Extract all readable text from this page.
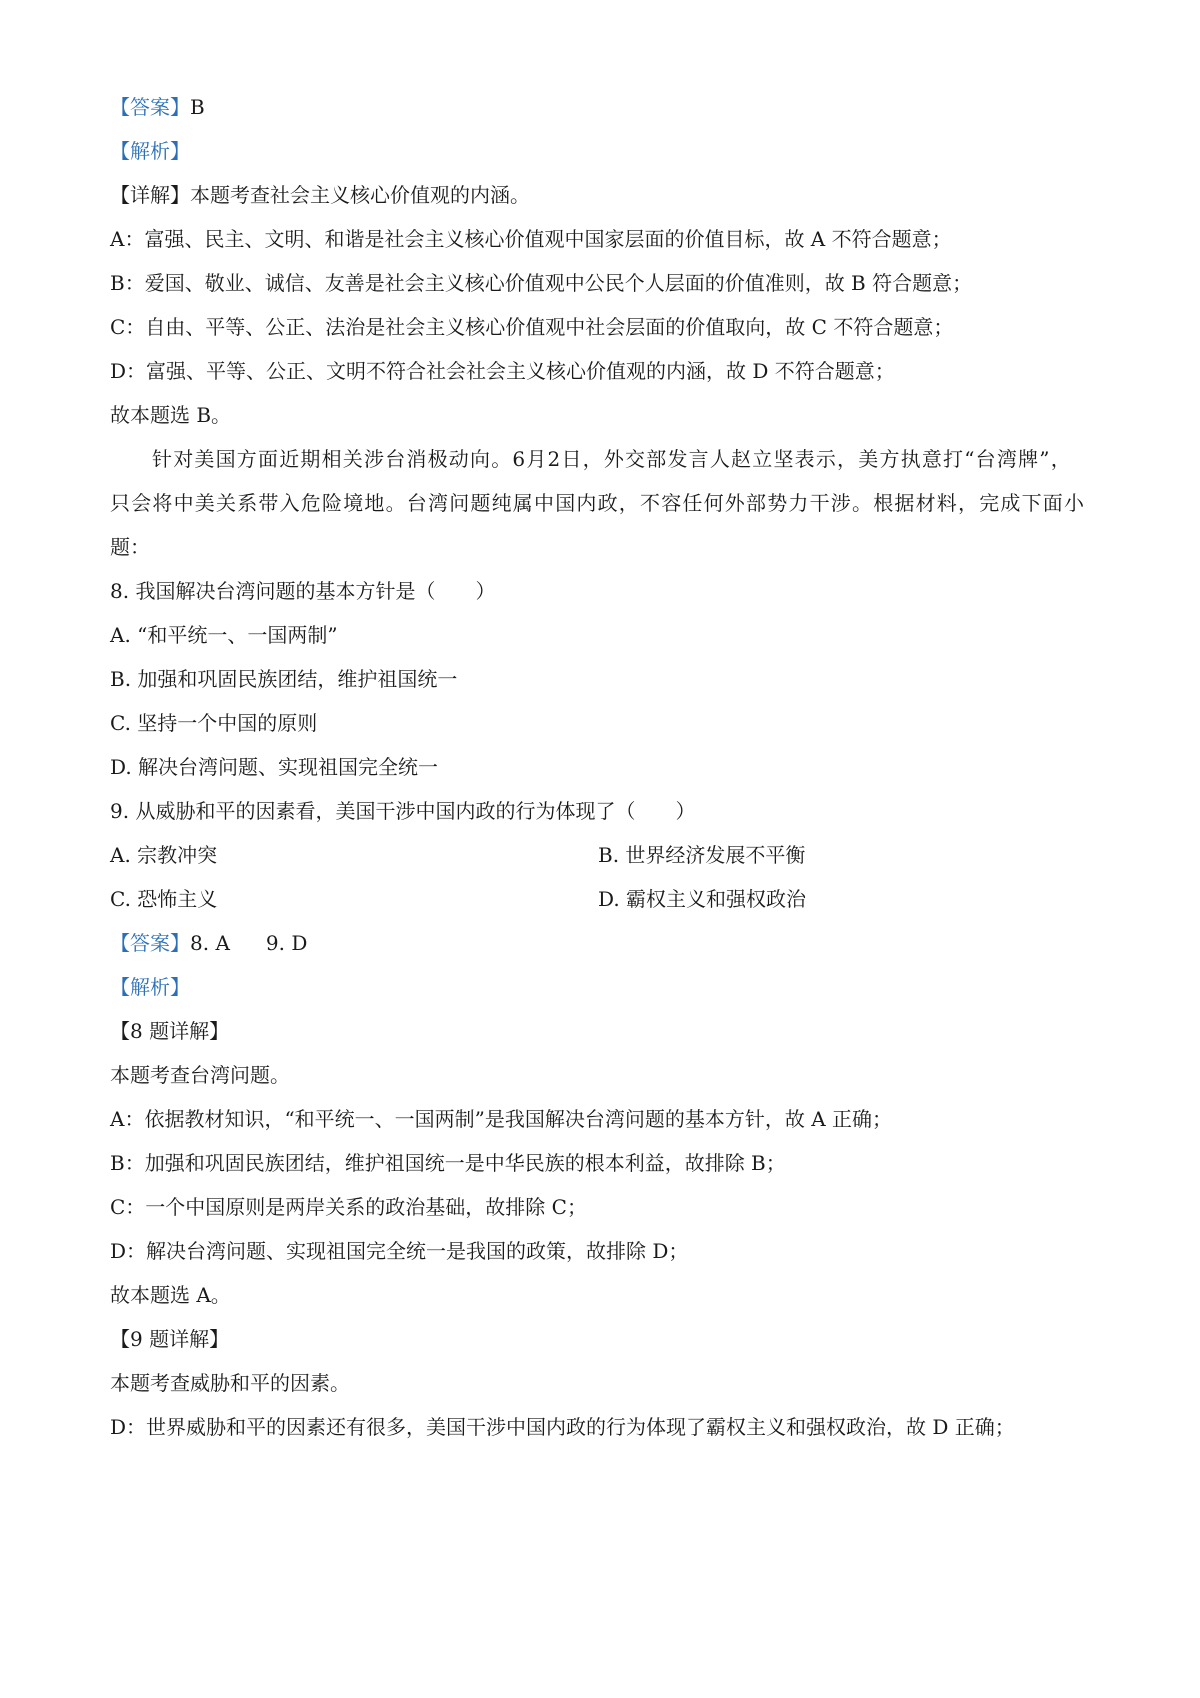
【答案】B
【解析】
【详解】本题考查社会主义核心价值观的内涵。
A：富强、民主、文明、和谐是社会主义核心价值观中国家层面的价值目标，故 A 不符合题意；
B：爱国、敬业、诚信、友善是社会主义核心价值观中公民个人层面的价值准则，故 B 符合题意；
C：自由、平等、公正、法治是社会主义核心价值观中社会层面的价值取向，故 C 不符合题意；
D：富强、平等、公正、文明不符合社会社会主义核心价值观的内涵，故 D 不符合题意；
故本题选 B。
针对美国方面近期相关涉台消极动向。6月2日，外交部发言人赵立坚表示，美方执意打“台湾牌”，
只会将中美关系带入危险境地。台湾问题纯属中国内政，不容任何外部势力干涉。根据材料，完成下面小
题：
8. 我国解决台湾问题的基本方针是（　　）
A. “和平统一、一国两制”
B. 加强和巩固民族团结，维护祖国统一
C. 坚持一个中国的原则
D. 解决台湾问题、实现祖国完全统一
9. 从威胁和平的因素看，美国干涉中国内政的行为体现了（　　）
A. 宗教冲突	B. 世界经济发展不平衡
C. 恐怖主义	D. 霸权主义和强权政治
【答案】8. A 9. D
【解析】
【8 题详解】
本题考查台湾问题。
A：依据教材知识，“和平统一、一国两制”是我国解决台湾问题的基本方针，故 A 正确；
B：加强和巩固民族团结，维护祖国统一是中华民族的根本利益，故排除 B；
C：一个中国原则是两岸关系的政治基础，故排除 C；
D：解决台湾问题、实现祖国完全统一是我国的政策，故排除 D；
故本题选 A。
【9 题详解】
本题考查威胁和平的因素。
D：世界威胁和平的因素还有很多，美国干涉中国内政的行为体现了霸权主义和强权政治，故 D 正确；
